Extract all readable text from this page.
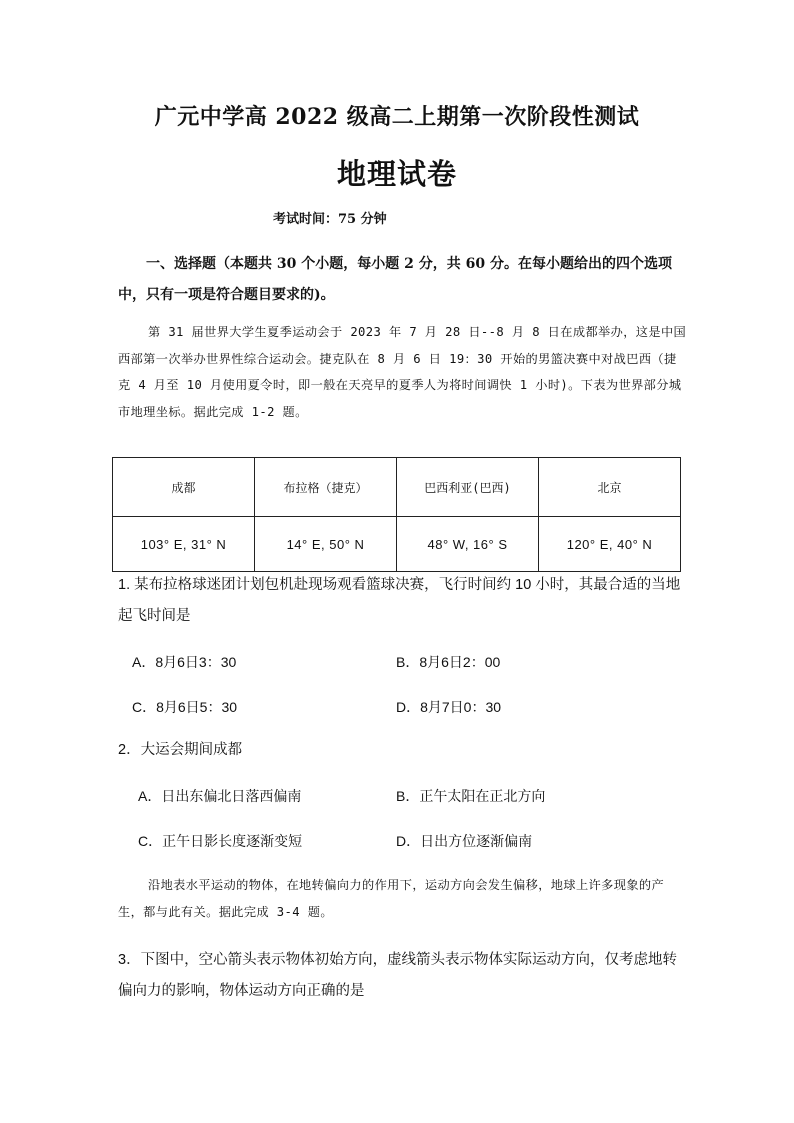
广元中学高 2022 级高二上期第一次阶段性测试
地理试卷
考试时间：75 分钟
一、选择题（本题共 30 个小题，每小题 2 分，共 60 分。在每小题给出的四个选项中，只有一项是符合题目要求的)。
第 31 届世界大学生夏季运动会于 2023 年 7 月 28 日--8 月 8 日在成都举办，这是中国西部第一次举办世界性综合运动会。捷克队在 8 月 6 日 19：30 开始的男篮决赛中对战巴西（捷克 4 月至 10 月使用夏令时，即一般在天亮早的夏季人为将时间调快 1 小时)。下表为世界部分城市地理坐标。据此完成 1-2 题。
成都	布拉格（捷克）	巴西利亚(巴西)	北京
103° E, 31° N	14° E, 50° N	48° W, 16° S	120° E, 40° N
1. 某布拉格球迷团计划包机赴现场观看篮球决赛，飞行时间约 10 小时，其最合适的当地起飞时间是
A．8月6日3：30	B．8月6日2：00
C．8月6日5：30	D．8月7日0：30
2．大运会期间成都
A．日出东偏北日落西偏南	B．正午太阳在正北方向
C．正午日影长度逐渐变短	D．日出方位逐渐偏南
沿地表水平运动的物体，在地转偏向力的作用下，运动方向会发生偏移，地球上许多现象的产生，都与此有关。据此完成 3-4 题。
3．下图中，空心箭头表示物体初始方向，虚线箭头表示物体实际运动方向，仅考虑地转偏向力的影响，物体运动方向正确的是
